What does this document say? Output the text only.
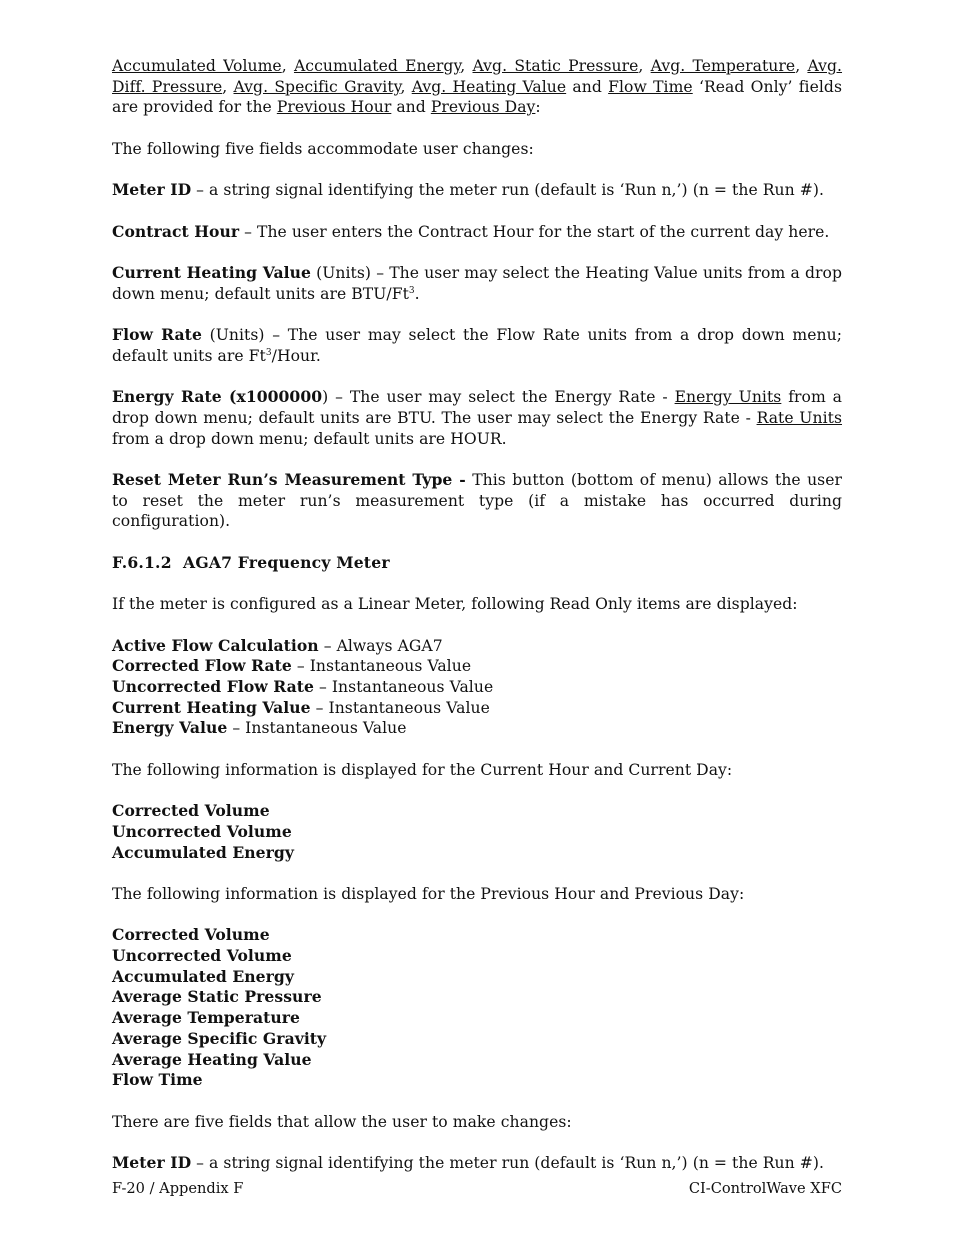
Accumulated Volume, Accumulated Energy, Avg. Static Pressure, Avg. Temperature, Avg. Diff. Pressure, Avg. Specific Gravity, Avg. Heating Value and Flow Time ‘Read Only’ fields are provided for the Previous Hour and Previous Day:

The following five fields accommodate user changes:

Meter ID – a string signal identifying the meter run (default is ‘Run n,’) (n = the Run #).

Contract Hour – The user enters the Contract Hour for the start of the current day here.

Current Heating Value (Units) – The user may select the Heating Value units from a drop down menu; default units are BTU/Ft$^3$.

Flow Rate (Units) – The user may select the Flow Rate units from a drop down menu; default units are Ft$^3$/Hour.

Energy Rate (x1000000) – The user may select the Energy Rate - Energy Units from a drop down menu; default units are BTU. The user may select the Energy Rate - Rate Units from a drop down menu; default units are HOUR.

Reset Meter Run’s Measurement Type - This button (bottom of menu) allows the user to reset the meter run’s measurement type (if a mistake has occurred during configuration).

F.6.1.2 AGA7 Frequency Meter

If the meter is configured as a Linear Meter, following Read Only items are displayed:

Active Flow Calculation – Always AGA7

Corrected Flow Rate – Instantaneous Value

Uncorrected Flow Rate – Instantaneous Value

Current Heating Value – Instantaneous Value

Energy Value – Instantaneous Value

The following information is displayed for the Current Hour and Current Day:

Corrected Volume

Uncorrected Volume

Accumulated Energy

The following information is displayed for the Previous Hour and Previous Day:

Corrected Volume

Uncorrected Volume

Accumulated Energy

Average Static Pressure

Average Temperature

Average Specific Gravity

Average Heating Value

Flow Time

There are five fields that allow the user to make changes:

Meter ID – a string signal identifying the meter run (default is ‘Run n,’) (n = the Run #).

F-20 / Appendix F	CI-ControlWave XFC
